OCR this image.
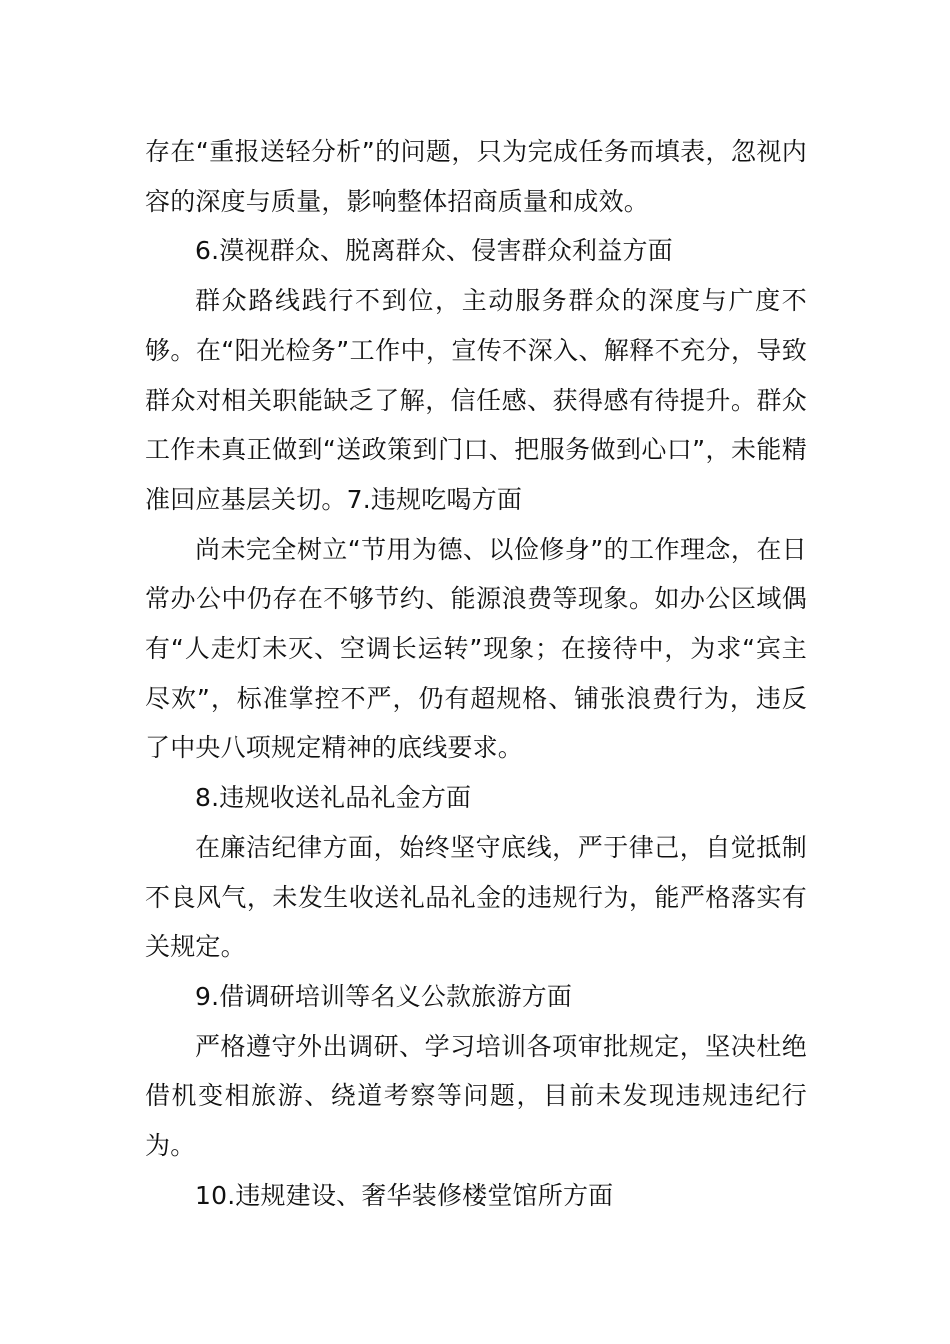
存在“重报送轻分析”的问题，只为完成任务而填表，忽视内容的深度与质量，影响整体招商质量和成效。

6.漠视群众、脱离群众、侵害群众利益方面

群众路线践行不到位，主动服务群众的深度与广度不够。在“阳光检务”工作中，宣传不深入、解释不充分，导致群众对相关职能缺乏了解，信任感、获得感有待提升。群众工作未真正做到“送政策到门口、把服务做到心口”，未能精准回应基层关切。7.违规吃喝方面

尚未完全树立“节用为德、以俭修身”的工作理念，在日常办公中仍存在不够节约、能源浪费等现象。如办公区域偶有“人走灯未灭、空调长运转”现象；在接待中，为求“宾主尽欢”，标准掌控不严，仍有超规格、铺张浪费行为，违反了中央八项规定精神的底线要求。

8.违规收送礼品礼金方面

在廉洁纪律方面，始终坚守底线，严于律己，自觉抵制不良风气，未发生收送礼品礼金的违规行为，能严格落实有关规定。

9.借调研培训等名义公款旅游方面

严格遵守外出调研、学习培训各项审批规定，坚决杜绝借机变相旅游、绕道考察等问题，目前未发现违规违纪行为。

10.违规建设、奢华装修楼堂馆所方面
